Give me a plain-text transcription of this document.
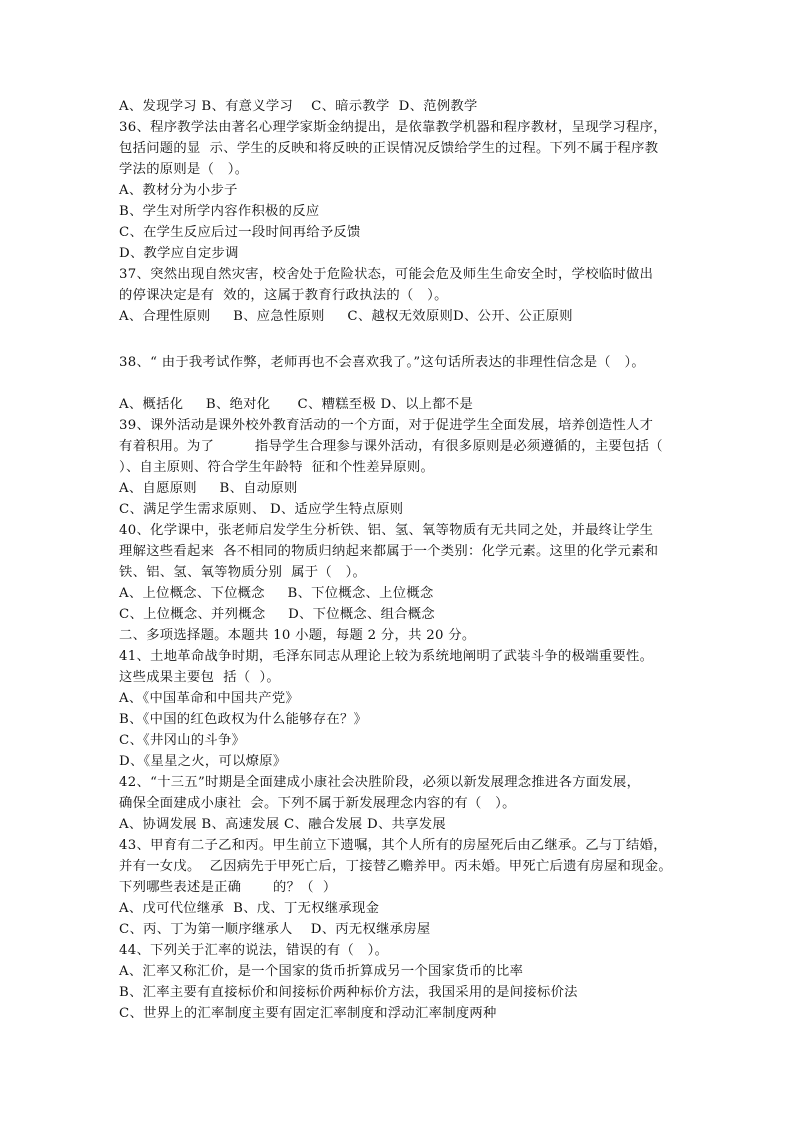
A、发现学习 B、有意义学习    C、暗示教学  D、范例教学
36、程序教学法由著名心理学家斯金纳提出，是依靠教学机器和程序教材，呈现学习程序，
包括问题的显  示、学生的反映和将反映的正误情况反馈给学生的过程。下列不属于程序教
学法的原则是（   ）。
A、教材分为小步子
B、学生对所学内容作积极的反应
C、在学生反应后过一段时间再给予反馈
D、教学应自定步调
37、突然出现自然灾害，校舍处于危险状态，可能会危及师生生命安全时，学校临时做出
的停课决定是有  效的，这属于教育行政执法的（   ）。
A、合理性原则     B、应急性原则     C、越权无效原则D、公开、公正原则
38、“ 由于我考试作弊，老师再也不会喜欢我了。”这句话所表达的非理性信念是（   ）。
A、概括化     B、绝对化      C、糟糕至极 D、以上都不是
39、课外活动是课外校外教育活动的一个方面，对于促进学生全面发展，培养创造性人才
有着积用。为了         指导学生合理参与课外活动，有很多原则是必须遵循的，主要包括（
）、自主原则、符合学生年龄特  征和个性差异原则。
A、自愿原则     B、自动原则
C、满足学生需求原则、 D、适应学生特点原则
40、化学课中，张老师启发学生分析铁、铝、氢、氧等物质有无共同之处，并最终让学生
理解这些看起来  各不相同的物质归纳起来都属于一个类别：化学元素。这里的化学元素和
铁、铝、氢、氧等物质分别  属于（   ）。
A、上位概念、下位概念     B、下位概念、上位概念
C、上位概念、并列概念     D、下位概念、组合概念
二、多项选择题。本题共 10 小题，每题 2 分，共 20 分。
41、土地革命战争时期，毛泽东同志从理论上较为系统地阐明了武装斗争的极端重要性。
这些成果主要包  括（  ）。
A、《中国革命和中国共产党》
B、《中国的红色政权为什么能够存在？》
C、《井冈山的斗争》
D、《星星之火，可以燎原》
42、“十三五”时期是全面建成小康社会决胜阶段，必须以新发展理念推进各方面发展，
确保全面建成小康社  会。下列不属于新发展理念内容的有（   ）。
A、协调发展 B、高速发展 C、融合发展 D、共享发展
43、甲育有二子乙和丙。甲生前立下遗嘱，其个人所有的房屋死后由乙继承。乙与丁结婚，
并有一女戊。  乙因病先于甲死亡后，丁接替乙赡养甲。丙未婚。甲死亡后遗有房屋和现金。
下列哪些表述是正确       的？（  ）
A、戊可代位继承  B、戊、丁无权继承现金
C、丙、丁为第一顺序继承人    D、丙无权继承房屋
44、下列关于汇率的说法，错误的有（   ）。
A、汇率又称汇价，是一个国家的货币折算成另一个国家货币的比率
B、汇率主要有直接标价和间接标价两种标价方法，我国采用的是间接标价法
C、世界上的汇率制度主要有固定汇率制度和浮动汇率制度两种
